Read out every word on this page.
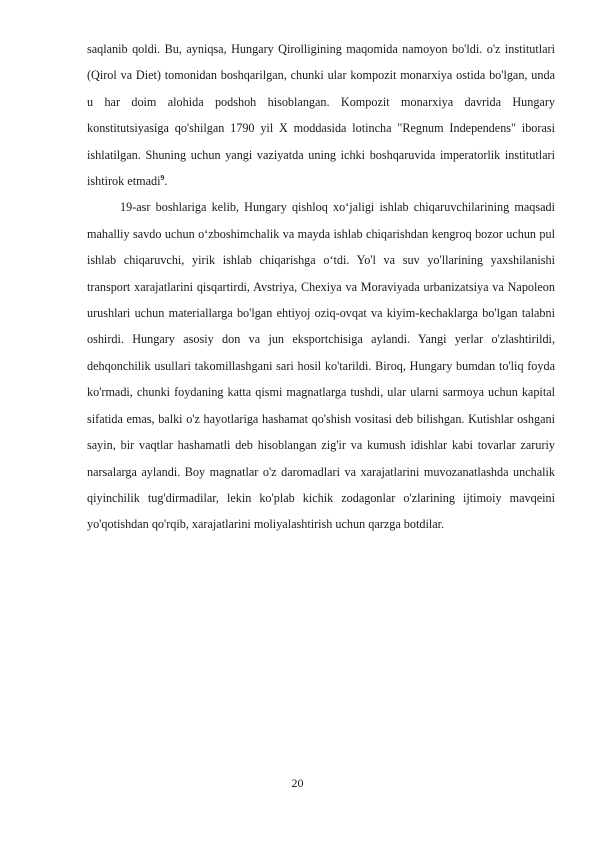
saqlanib qoldi. Bu, ayniqsa, Hungary Qirolligining maqomida namoyon bo'ldi. o'z institutlari (Qirol va Diet) tomonidan boshqarilgan, chunki ular kompozit monarxiya ostida bo'lgan, unda u har doim alohida podshoh hisoblangan. Kompozit monarxiya davrida Hungary konstitutsiyasiga qo'shilgan 1790 yil X moddasida lotincha "Regnum Independens" iborasi ishlatilgan. Shuning uchun yangi vaziyatda uning ichki boshqaruvida imperatorlik institutlari ishtirok etmadi$^9$.

19-asr boshlariga kelib, Hungary qishloq xo‘jaligi ishlab chiqaruvchilarining maqsadi mahalliy savdo uchun o‘zboshimchalik va mayda ishlab chiqarishdan kengroq bozor uchun pul ishlab chiqaruvchi, yirik ishlab chiqarishga o‘tdi. Yo'l va suv yo'llarining yaxshilanishi transport xarajatlarini qisqartirdi, Avstriya, Chexiya va Moraviyada urbanizatsiya va Napoleon urushlari uchun materiallarga bo'lgan ehtiyoj oziq-ovqat va kiyim-kechaklarga bo'lgan talabni oshirdi. Hungary asosiy don va jun eksportchisiga aylandi. Yangi yerlar o'zlashtirildi, dehqonchilik usullari takomillashgani sari hosil ko'tarildi. Biroq, Hungary bumdan to'liq foyda ko'rmadi, chunki foydaning katta qismi magnatlarga tushdi, ular ularni sarmoya uchun kapital sifatida emas, balki o'z hayotlariga hashamat qo'shish vositasi deb bilishgan. Kutishlar oshgani sayin, bir vaqtlar hashamatli deb hisoblangan zig'ir va kumush idishlar kabi tovarlar zaruriy narsalarga aylandi. Boy magnatlar o'z daromadlari va xarajatlarini muvozanatlashda unchalik qiyinchilik tug'dirmadilar, lekin ko'plab kichik zodagonlar o'zlarining ijtimoiy mavqeini yo'qotishdan qo'rqib, xarajatlarini moliyalashtirish uchun qarzga botdilar.

20
